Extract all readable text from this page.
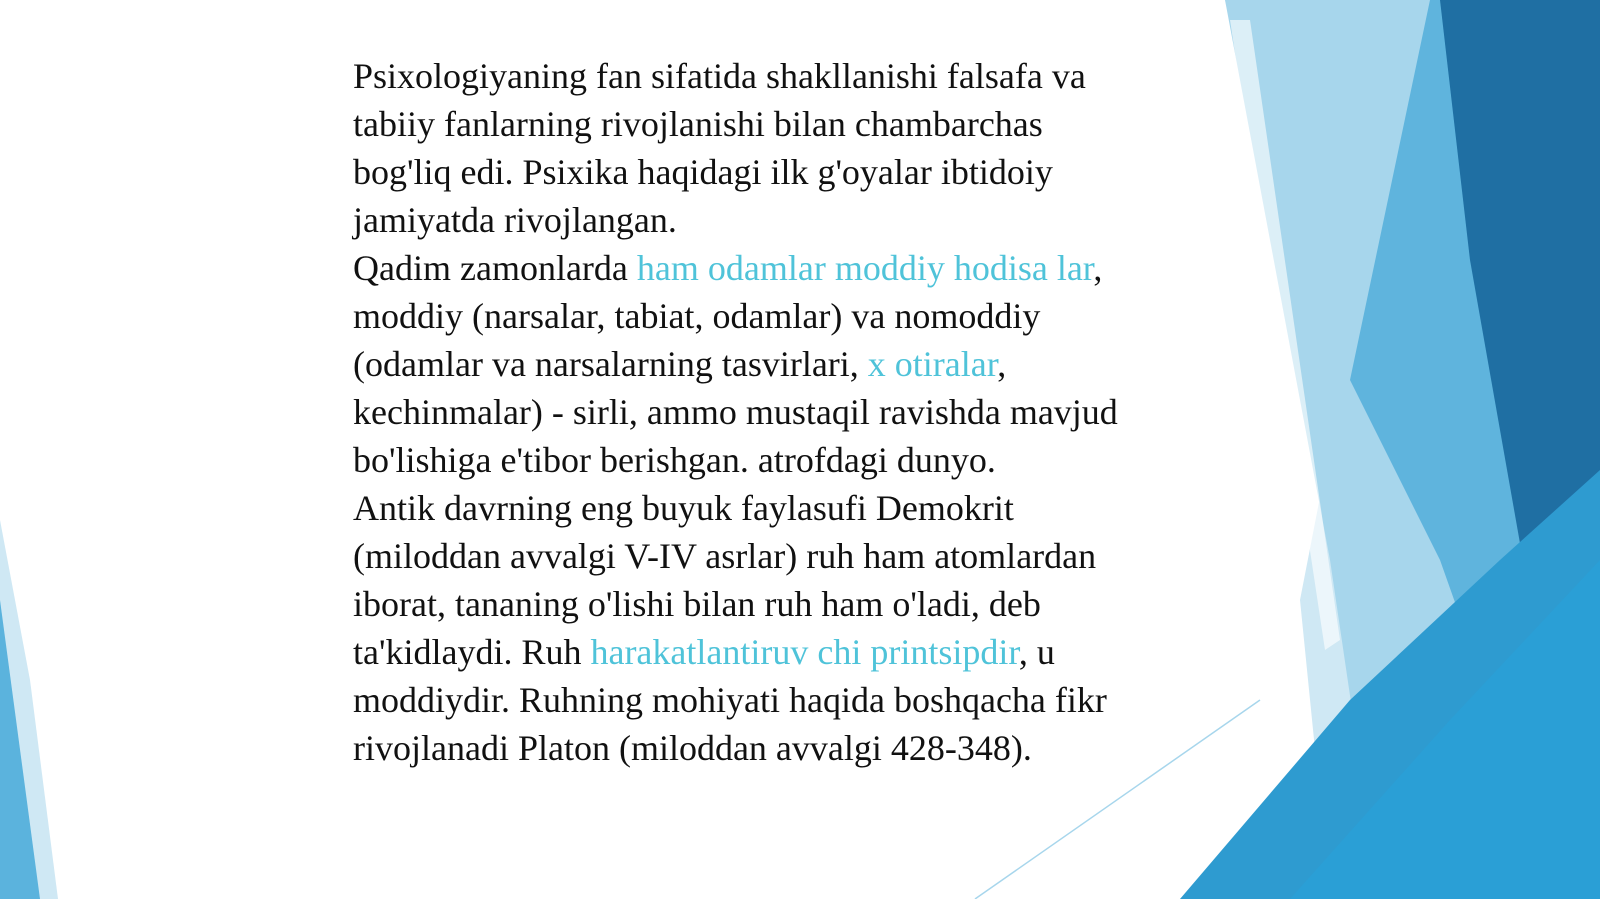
Psixologiyaning fan sifatida shakllanishi falsafa va tabiiy fanlarning rivojlanishi bilan chambarchas bog'liq edi. Psixika haqidagi ilk g'oyalar ibtidoiy jamiyatda rivojlangan.

Qadim zamonlarda ham odamlar moddiy hodisa lar, moddiy (narsalar, tabiat, odamlar) va nomoddiy (odamlar va narsalarning tasvirlari, x otiralar, kechinmalar) - sirli, ammo mustaqil ravishda mavjud bo'lishiga e'tibor berishgan. atrofdagi dunyo.

Antik davrning eng buyuk faylasufi Demokrit (miloddan avvalgi V-IV asrlar) ruh ham atomlardan iborat, tananing o'lishi bilan ruh ham o'ladi, deb ta'kidlaydi. Ruh harakatlantiruv chi printsipdir, u moddiydir. Ruhning mohiyati haqida boshqacha fikr rivojlanadi Platon (miloddan avvalgi 428-348).
